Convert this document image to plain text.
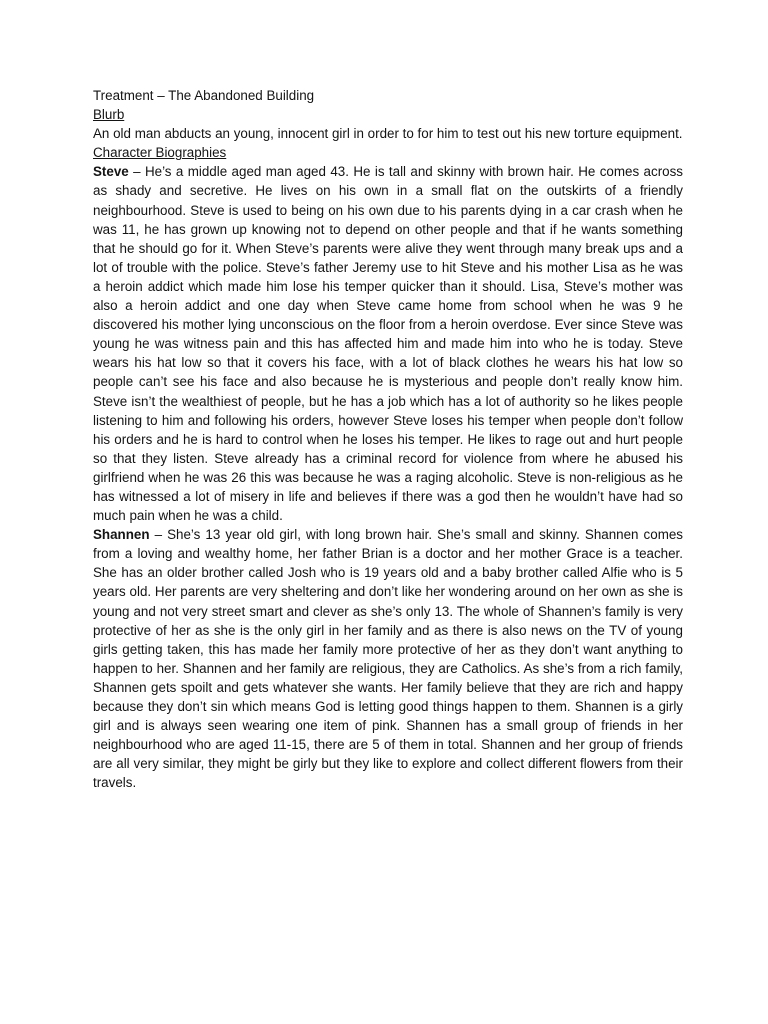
Treatment – The Abandoned Building

Blurb

An old man abducts an young, innocent girl in order to for him to test out his new torture equipment.

Character Biographies

Steve – He’s a middle aged man aged 43. He is tall and skinny with brown hair. He comes across as shady and secretive. He lives on his own in a small flat on the outskirts of a friendly neighbourhood. Steve is used to being on his own due to his parents dying in a car crash when he was 11, he has grown up knowing not to depend on other people and that if he wants something that he should go for it. When Steve’s parents were alive they went through many break ups and a lot of trouble with the police. Steve’s father Jeremy use to hit Steve and his mother Lisa as he was a heroin addict which made him lose his temper quicker than it should. Lisa, Steve’s mother was also a heroin addict and one day when Steve came home from school when he was 9 he discovered his mother lying unconscious on the floor from a heroin overdose. Ever since Steve was young he was witness pain and this has affected him and made him into who he is today. Steve wears his hat low so that it covers his face, with a lot of black clothes he wears his hat low so people can’t see his face and also because he is mysterious and people don’t really know him. Steve isn’t the wealthiest of people, but he has a job which has a lot of authority so he likes people listening to him and following his orders, however Steve loses his temper when people don’t follow his orders and he is hard to control when he loses his temper. He likes to rage out and hurt people so that they listen. Steve already has a criminal record for violence from where he abused his girlfriend when he was 26 this was because he was a raging alcoholic. Steve is non-religious as he has witnessed a lot of misery in life and believes if there was a god then he wouldn’t have had so much pain when he was a child.

Shannen – She’s 13 year old girl, with long brown hair. She’s small and skinny. Shannen comes from a loving and wealthy home, her father Brian is a doctor and her mother Grace is a teacher. She has an older brother called Josh who is 19 years old and a baby brother called Alfie who is 5 years old. Her parents are very sheltering and don’t like her wondering around on her own as she is young and not very street smart and clever as she’s only 13. The whole of Shannen’s family is very protective of her as she is the only girl in her family and as there is also news on the TV of young girls getting taken, this has made her family more protective of her as they don’t want anything to happen to her. Shannen and her family are religious, they are Catholics. As she’s from a rich family, Shannen gets spoilt and gets whatever she wants. Her family believe that they are rich and happy because they don’t sin which means God is letting good things happen to them. Shannen is a girly girl and is always seen wearing one item of pink. Shannen has a small group of friends in her neighbourhood who are aged 11-15, there are 5 of them in total. Shannen and her group of friends are all very similar, they might be girly but they like to explore and collect different flowers from their travels.
